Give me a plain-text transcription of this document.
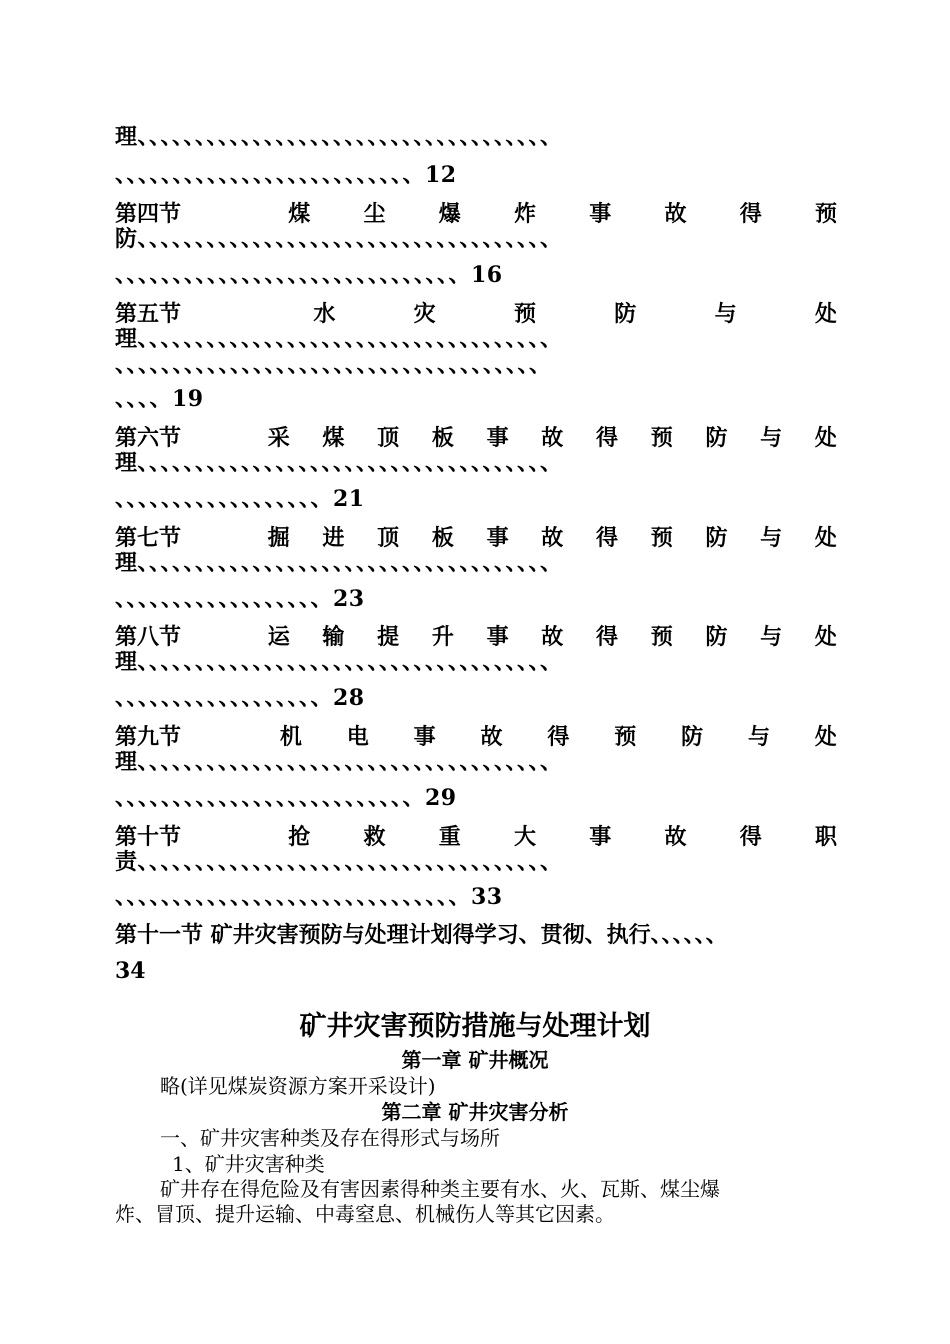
理、、、、、、、、、、、、、、、、、、、、、、、、、、、、、、、、、、、、
、、、、、、、、、、、、、、、、、、、、、、、、、、12
第四节	煤 尘 爆 炸 事 故 得 预
防、、、、、、、、、、、、、、、、、、、、、、、、、、、、、、、、、、、、
、、、、、、、、、、、、、、、、、、、、、、、、、、、、、、16
第五节	水	灾	预	防	与	处
理、、、、、、、、、、、、、、、、、、、、、、、、、、、、、、、、、、、、
、、、、、、、、、、、、、、、、、、、、、、、、、、、、、、、、、、、、、
、、、、19
第六节	采 煤 顶 板 事 故 得 预 防 与 处
理、、、、、、、、、、、、、、、、、、、、、、、、、、、、、、、、、、、、
、、、、、、、、、、、、、、、、、、21
第七节	掘 进 顶 板 事 故 得 预 防 与 处
理、、、、、、、、、、、、、、、、、、、、、、、、、、、、、、、、、、、、
、、、、、、、、、、、、、、、、、、23
第八节	运 输 提 升 事 故 得 预 防 与 处
理、、、、、、、、、、、、、、、、、、、、、、、、、、、、、、、、、、、、
、、、、、、、、、、、、、、、、、、28
第九节	机 电 事 故 得 预 防 与 处
理、、、、、、、、、、、、、、、、、、、、、、、、、、、、、、、、、、、、
、、、、、、、、、、、、、、、、、、、、、、、、、、29
第十节	抢 救 重 大 事 故 得 职
责、、、、、、、、、、、、、、、、、、、、、、、、、、、、、、、、、、、、
、、、、、、、、、、、、、、、、、、、、、、、、、、、、、、33
第十一节 矿井灾害预防与处理计划得学习、贯彻、执行、、、、、、
34
矿井灾害预防措施与处理计划
第一章 矿井概况
略(详见煤炭资源方案开采设计)
第二章 矿井灾害分析
一、矿井灾害种类及存在得形式与场所
1、矿井灾害种类
矿井存在得危险及有害因素得种类主要有水、火、瓦斯、煤尘爆
炸、冒顶、提升运输、中毒窒息、机械伤人等其它因素。
